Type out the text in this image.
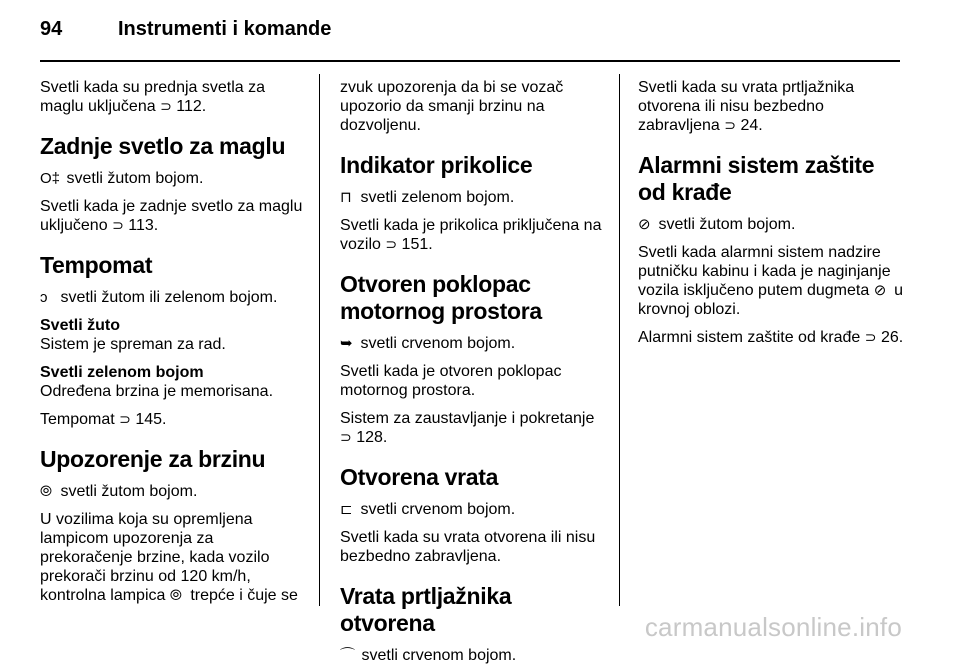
94	Instrumenti i komande

Svetli kada su prednja svetla za maglu uključena ⊃ 112.

Zadnje svetlo za maglu

O‡ svetli žutom bojom.

Svetli kada je zadnje svetlo za maglu uključeno ⊃ 113.

Tempomat

ↄ svetli žutom ili zelenom bojom.

Svetli žuto

Sistem je spreman za rad.

Svetli zelenom bojom

Određena brzina je memorisana.

Tempomat ⊃ 145.

Upozorenje za brzinu

⦾ svetli žutom bojom.

U vozilima koja su opremljena lampicom upozorenja za prekoračenje brzine, kada vozilo prekorači brzinu od 120 km/h, kontrolna lampica ⦾ trepće i čuje se

zvuk upozorenja da bi se vozač upozorio da smanji brzinu na dozvoljenu.

Indikator prikolice

⊓ svetli zelenom bojom.

Svetli kada je prikolica priključena na vozilo ⊃ 151.

Otvoren poklopac motornog prostora

➥ svetli crvenom bojom.

Svetli kada je otvoren poklopac motornog prostora.

Sistem za zaustavljanje i pokretanje ⊃ 128.

Otvorena vrata

⊏ svetli crvenom bojom.

Svetli kada su vrata otvorena ili nisu bezbedno zabravljena.

Vrata prtljažnika otvorena

⌒ svetli crvenom bojom.

Svetli kada su vrata prtljažnika otvorena ili nisu bezbedno zabravljena ⊃ 24.

Alarmni sistem zaštite od krađe

⊘ svetli žutom bojom.

Svetli kada alarmni sistem nadzire putničku kabinu i kada je naginjanje vozila isključeno putem dugmeta ⊘ u krovnoj oblozi.

Alarmni sistem zaštite od krađe ⊃ 26.

carmanualsonline.info
